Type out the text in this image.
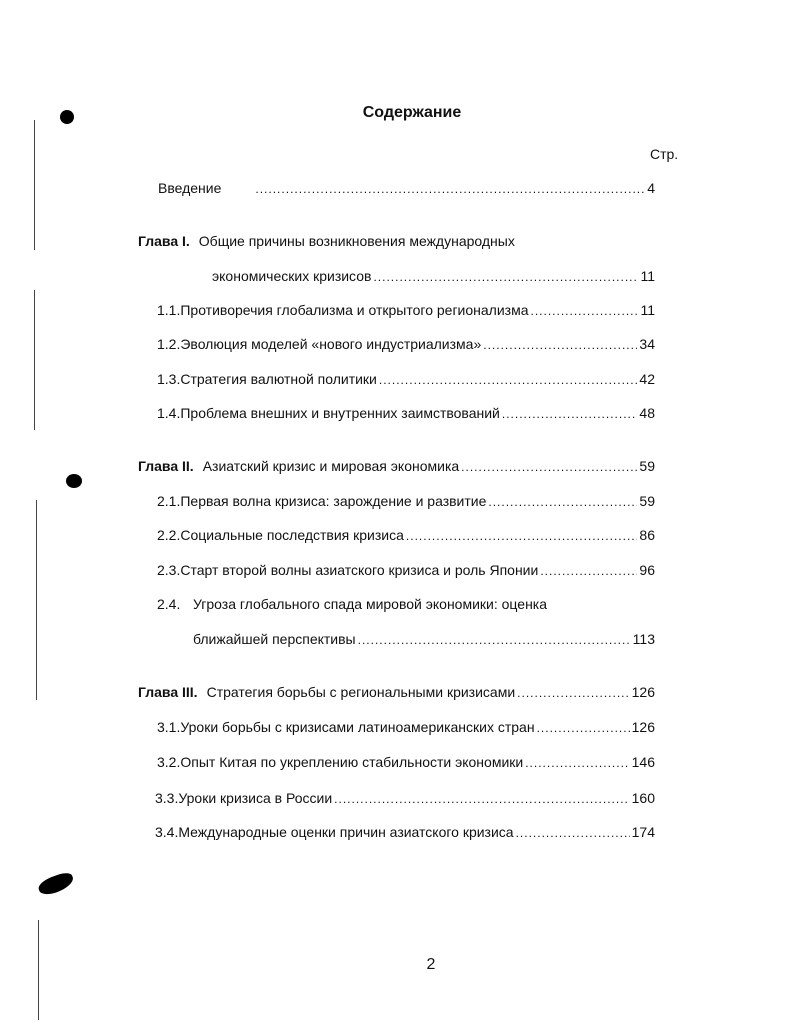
Содержание
Стр.
Введение .....	4
Глава I. Общие причины возникновения международных
экономических кризисов .....	11
1.1. Противоречия глобализма и открытого регионализма .....	11
1.2. Эволюция моделей «нового индустриализма» .....	34
1.3. Стратегия валютной политики .....	42
1.4. Проблема внешних и внутренних заимствований .....	48
Глава II. Азиатский кризис и мировая экономика .....	59
2.1. Первая волна кризиса: зарождение и развитие .....	59
2.2. Социальные последствия кризиса .....	86
2.3. Старт второй волны азиатского кризиса и роль Японии .....	96
2.4. Угроза глобального спада мировой экономики: оценка
ближайшей перспективы .....	113
Глава III. Стратегия борьбы с региональными кризисами .....	126
3.1. Уроки борьбы с кризисами латиноамериканских стран .....	126
3.2. Опыт Китая по укреплению стабильности экономики .....	146
3.3. Уроки кризиса в России .....	160
3.4. Международные оценки причин азиатского кризиса .....	174
2
